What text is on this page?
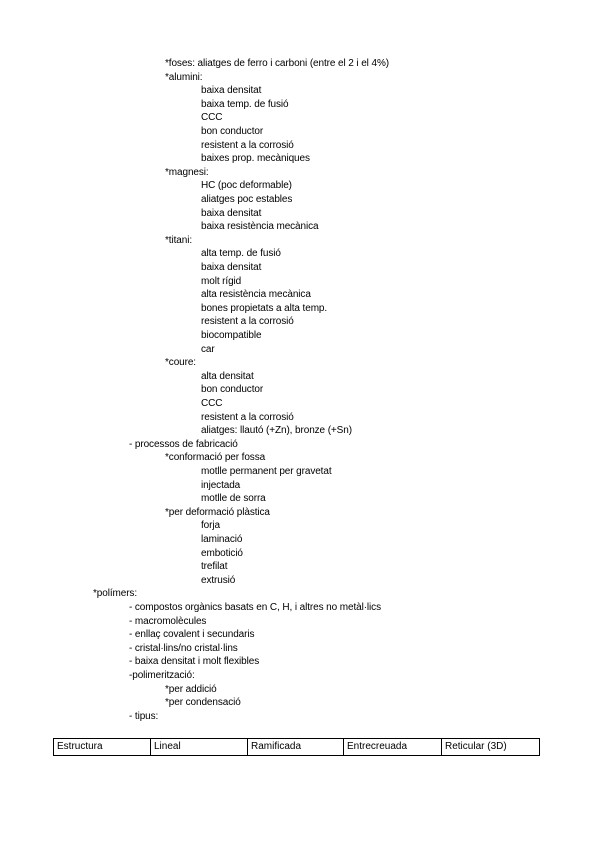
*foses: aliatges de ferro i carboni (entre el 2 i el 4%)
*alumini:
baixa densitat
baixa temp. de fusió
CCC
bon conductor
resistent a la corrosió
baixes prop. mecàniques
*magnesi:
HC (poc deformable)
aliatges poc estables
baixa densitat
baixa resistència mecànica
*titani:
alta temp. de fusió
baixa densitat
molt rígid
alta resistència mecànica
bones propietats a alta temp.
resistent a la corrosió
biocompatible
car
*coure:
alta densitat
bon conductor
CCC
resistent a la corrosió
aliatges: llautó (+Zn), bronze (+Sn)
- processos de fabricació
*conformació per fossa
motlle permanent per gravetat
injectada
motlle de sorra
*per deformació plàstica
forja
laminació
embotició
trefilat
extrusió
*polímers:
- compostos orgànics basats en C, H, i altres no metàl·lics
- macromolècules
- enllaç covalent i secundaris
- cristal·lins/no cristal·lins
- baixa densitat i molt flexibles
-polimerització:
*per addició
*per condensació
- tipus:
Estructura	Lineal	Ramificada	Entrecreuada	Reticular (3D)
